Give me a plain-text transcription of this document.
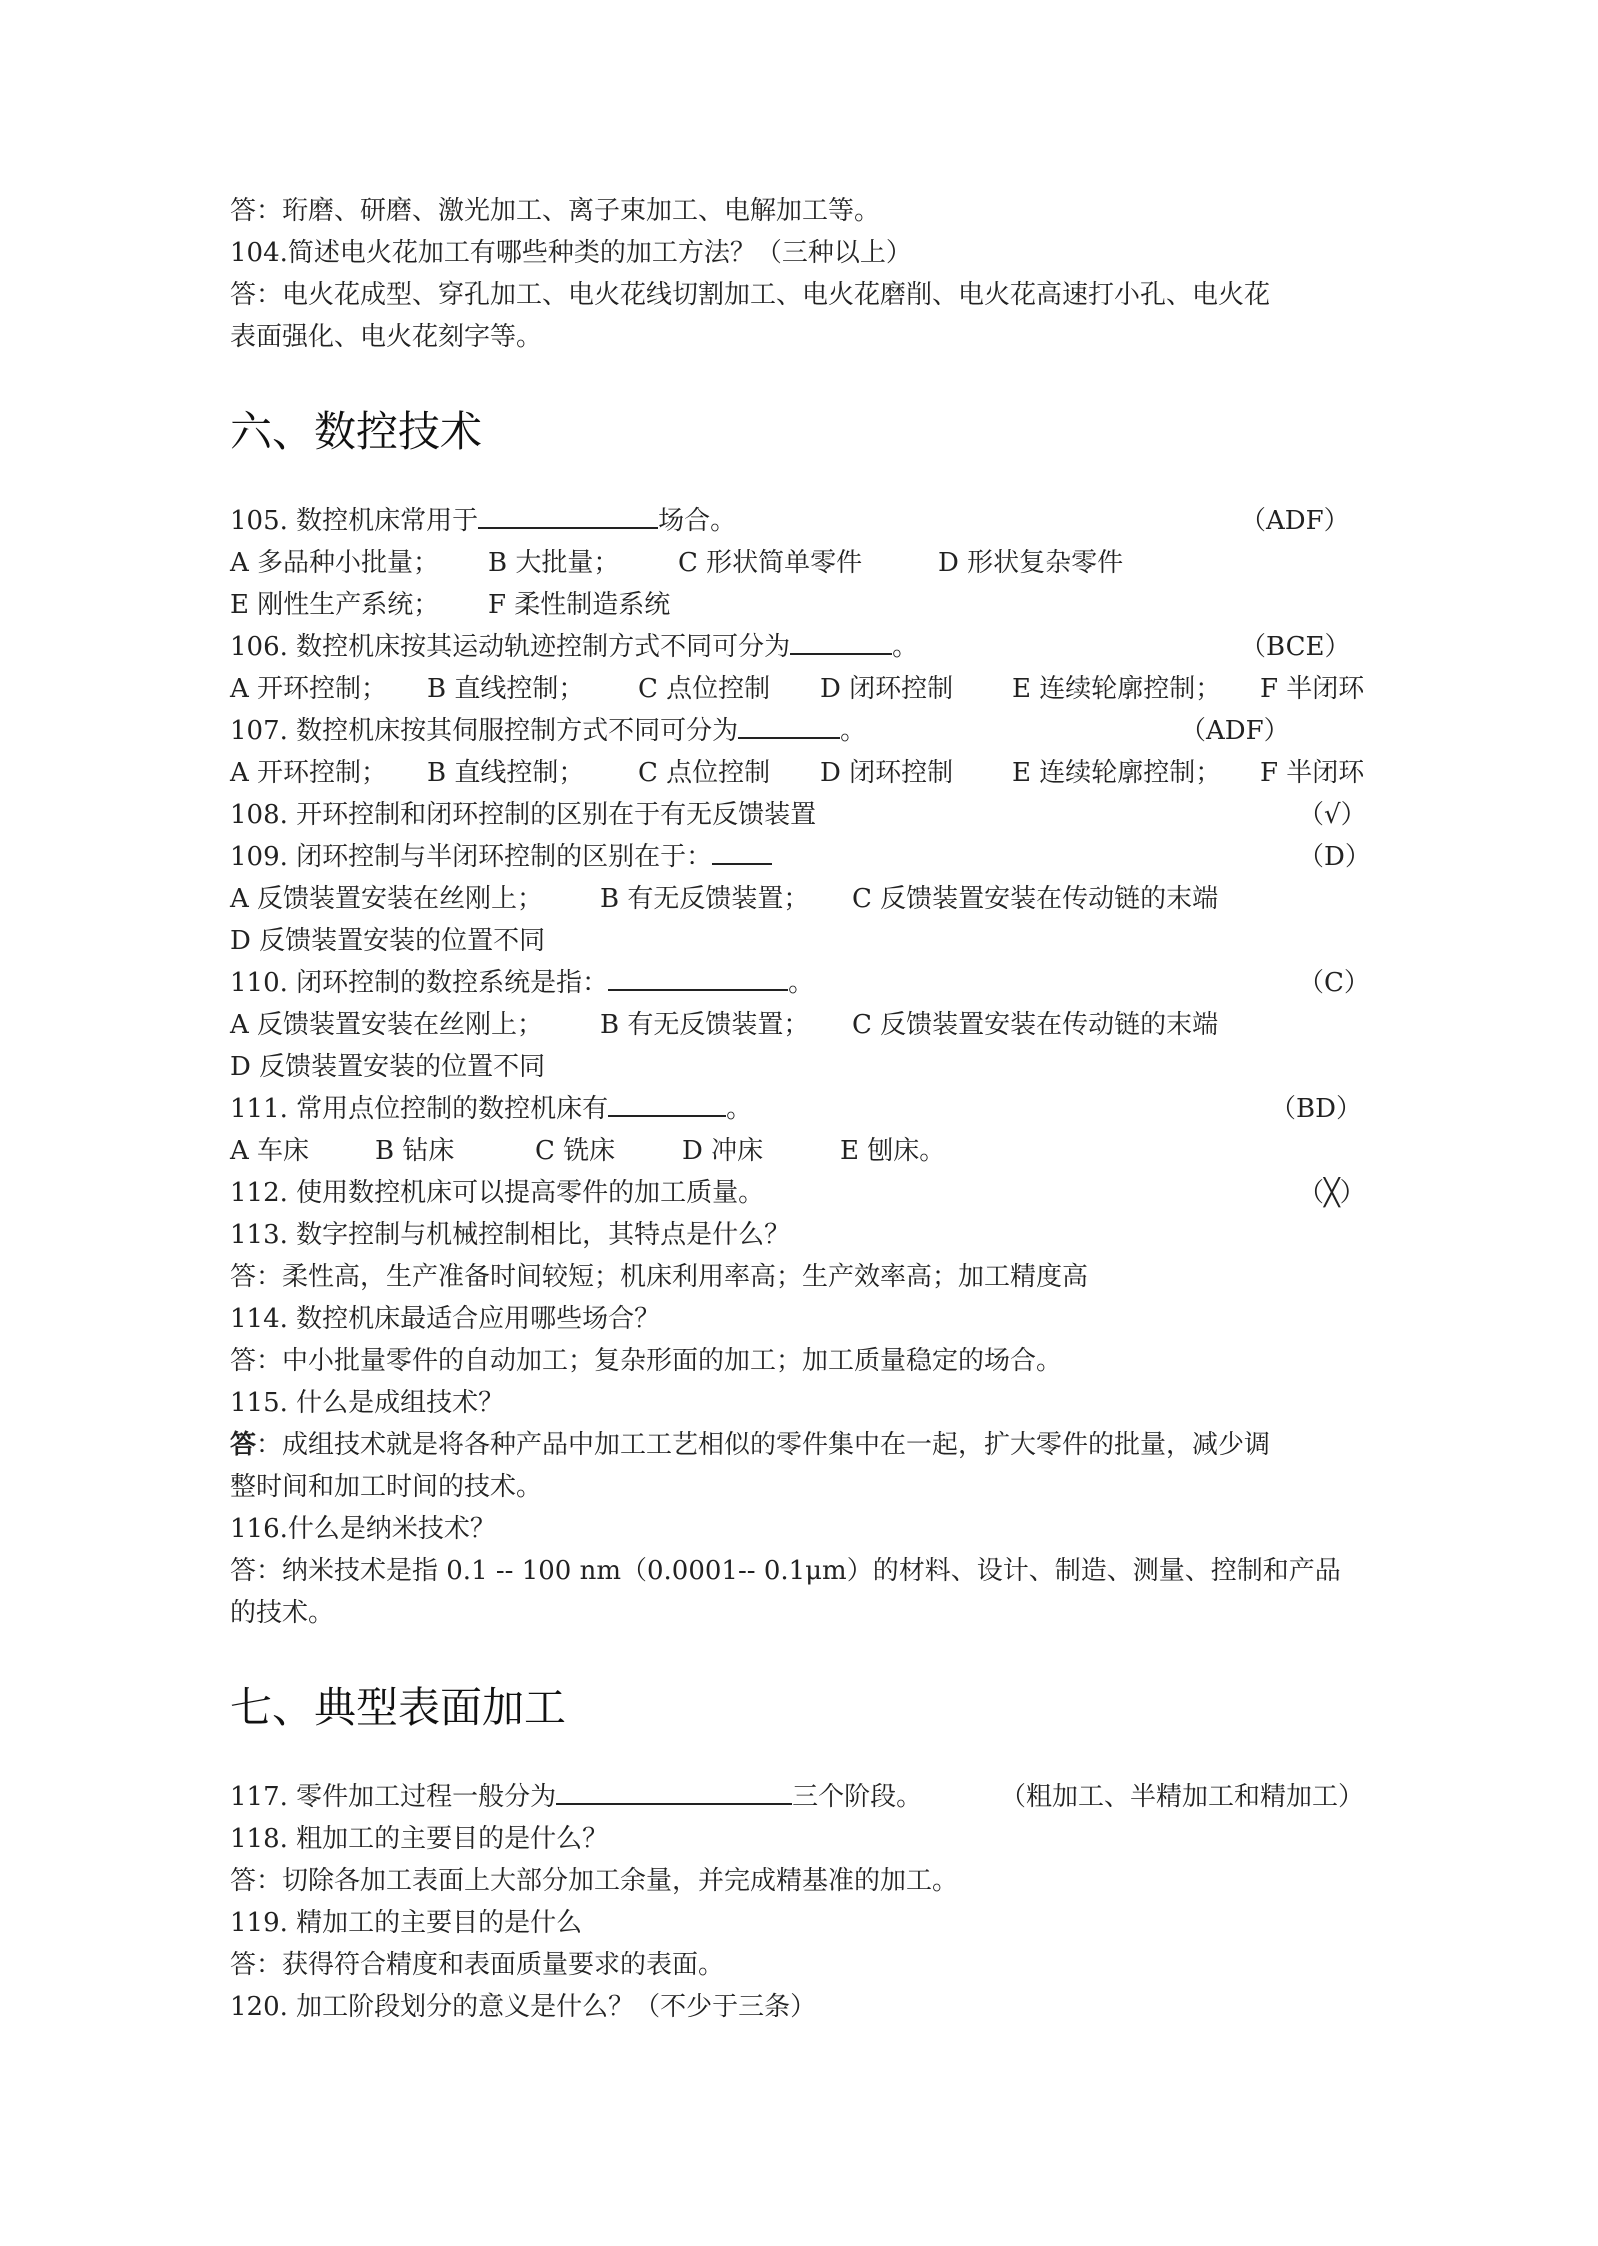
答：珩磨、研磨、激光加工、离子束加工、电解加工等。
104.简述电火花加工有哪些种类的加工方法？（三种以上）
答：电火花成型、穿孔加工、电火花线切割加工、电火花磨削、电火花高速打小孔、电火花
表面强化、电火花刻字等。
六、数控技术
105. 数控机床常用于	场合。	（ADF）
A 多品种小批量； B 大批量； C 形状简单零件	D 形状复杂零件
E 刚性生产系统； F 柔性制造系统
106. 数控机床按其运动轨迹控制方式不同可分为	。	（BCE）
A 开环控制； B 直线控制； C 点位控制 D 闭环控制 E 连续轮廓控制； F 半闭环
107. 数控机床按其伺服控制方式不同可分为	。	（ADF）
A 开环控制； B 直线控制； C 点位控制 D 闭环控制 E 连续轮廓控制； F 半闭环
108. 开环控制和闭环控制的区别在于有无反馈装置	（√）
109. 闭环控制与半闭环控制的区别在于：	（D）
A 反馈装置安装在丝刚上； B 有无反馈装置； C 反馈装置安装在传动链的末端
D 反馈装置安装的位置不同
110. 闭环控制的数控系统是指：	。	（C）
A 反馈装置安装在丝刚上； B 有无反馈装置； C 反馈装置安装在传动链的末端
D 反馈装置安装的位置不同
111. 常用点位控制的数控机床有	。	（BD）
A 车床	B 钻床	C 铣床	D 冲床	E 刨床。
112. 使用数控机床可以提高零件的加工质量。	（╳）
113. 数字控制与机械控制相比，其特点是什么？
答：柔性高，生产准备时间较短；机床利用率高；生产效率高；加工精度高
114. 数控机床最适合应用哪些场合？
答：中小批量零件的自动加工；复杂形面的加工；加工质量稳定的场合。
115. 什么是成组技术？
答：成组技术就是将各种产品中加工工艺相似的零件集中在一起，扩大零件的批量，减少调
整时间和加工时间的技术。
116.什么是纳米技术？
答：纳米技术是指 0.1 -- 100 nm（0.0001-- 0.1μm）的材料、设计、制造、测量、控制和产品
的技术。
七、典型表面加工
117. 零件加工过程一般分为	三个阶段。	（粗加工、半精加工和精加工）
118. 粗加工的主要目的是什么？
答：切除各加工表面上大部分加工余量，并完成精基准的加工。
119. 精加工的主要目的是什么
答：获得符合精度和表面质量要求的表面。
120. 加工阶段划分的意义是什么？（不少于三条）
